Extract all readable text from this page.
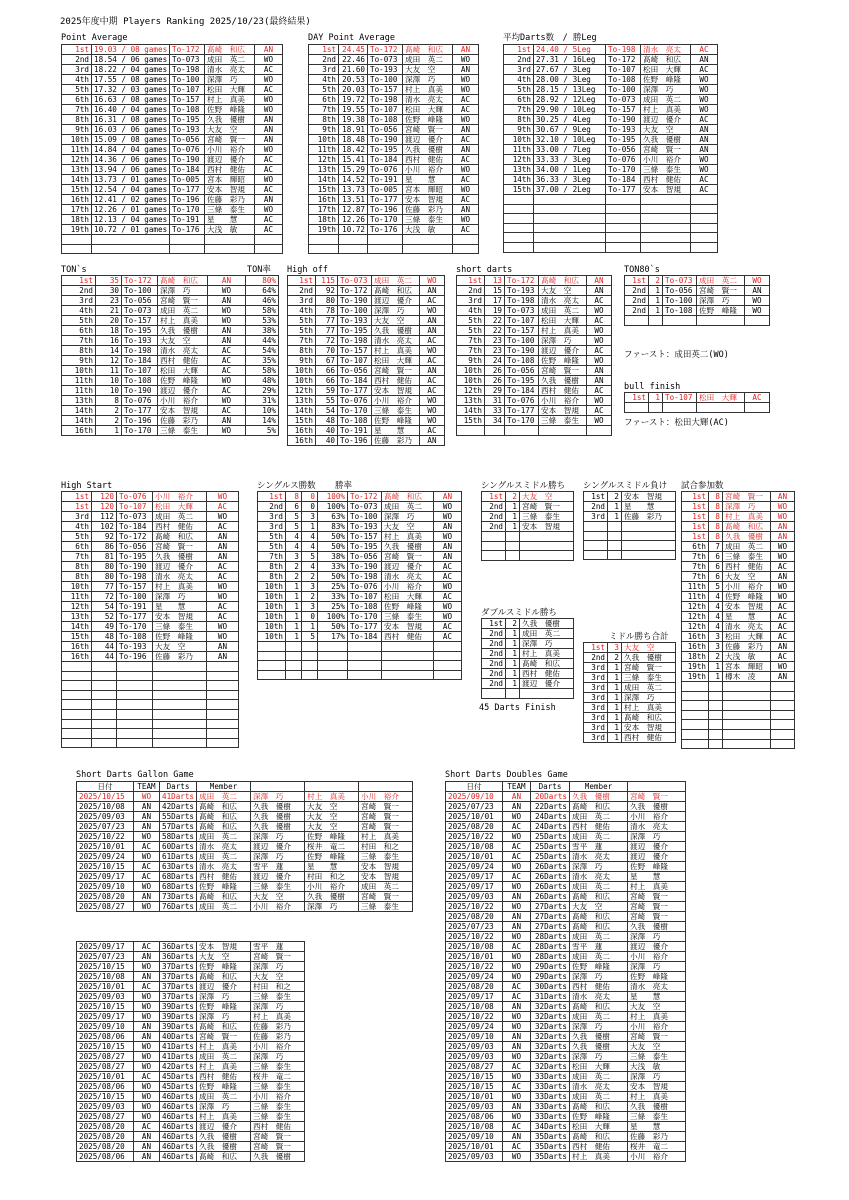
2025年度中期 Players Ranking 2025/10/23(最終結果)
Point Average	DAY Point Average	平均Darts数　/ 勝Leg
TON`s	TON率 High off	short darts	TON80`s
ファースト：成田英二(WO)
bull finish
ファースト：松田大輝(AC)
High Start	シングルス勝数 勝率	シングルスミドル勝ち シングルスミドル負け 試合参加数
ダブルスミドル勝ち
ミドル勝ち合計
45 Darts Finish
Short Darts Gallon Game	Short Darts Doubles Game
1st	19.03 / 08 games	To-172	髙崎　和広	AN
2nd	18.54 / 06 games	To-073	成田　英二	WO
3rd	18.22 / 04 games	To-198	清水　亮太	AC
4th	17.55 / 08 games	To-100	深澤　巧	WO
5th	17.32 / 03 games	To-107	松田　大輝	AC
6th	16.63 / 08 games	To-157	村上　真美	WO
7th	16.40 / 04 games	To-108	佐野　峰隆	WO
8th	16.31 / 08 games	To-195	久我　優樹	AN
9th	16.03 / 06 games	To-193	大友　空	AN
10th	15.09 / 08 games	To-056	宮崎　賢一	AN
11th	14.84 / 04 games	To-076	小川　裕介	WO
12th	14.36 / 06 games	To-190	渡辺　優介	AC
13th	13.94 / 06 games	To-184	西村　健佑	AC
14th	13.73 / 01 games	To-005	宮本　輝昭	WO
15th	12.54 / 04 games	To-177	安本　智規	AC
16th	12.41 / 02 games	To-196	佐藤　彩乃	AN
17th	12.26 / 01 games	To-170	三條　泰生	WO
18th	12.13 / 04 games	To-191	星　　慧	AC
19th	10.72 / 01 games	To-176	大浅　敏	AC

1st	24.45	To-172	髙崎　和広	AN
2nd	22.46	To-073	成田　英二	WO
3rd	21.60	To-193	大友　空	AN
4th	20.53	To-100	深澤　巧	WO
5th	20.03	To-157	村上　真美	WO
6th	19.72	To-198	清水　亮太	AC
7th	19.55	To-107	松田　大輝	AC
8th	19.38	To-108	佐野　峰隆	WO
9th	18.91	To-056	宮崎　賢一	AN
10th	18.48	To-190	渡辺　優介	AC
11th	18.42	To-195	久我　優樹	AN
12th	15.41	To-184	西村　健佑	AC
13th	15.29	To-076	小川　裕介	WO
14th	14.52	To-191	星　　慧	AC
15th	13.73	To-005	宮本　輝昭	WO
16th	13.51	To-177	安本　智規	AC
17th	12.87	To-196	佐藤　彩乃	AN
18th	12.26	To-170	三條　泰生	WO
19th	10.72	To-176	大浅　敏	AC

1st	24.40 / 5Leg	To-198	清水　亮太	AC
2nd	27.31 / 16Leg	To-172	髙崎　和広	AN
3rd	27.67 / 3Leg	To-107	松田　大輝	AC
4th	28.00 / 3Leg	To-108	佐野　峰隆	WO
5th	28.15 / 13Leg	To-100	深澤　巧	WO
6th	28.92 / 12Leg	To-073	成田　英二	WO
7th	29.90 / 10Leg	To-157	村上　真美	WO
8th	30.25 / 4Leg	To-190	渡辺　優介	AC
9th	30.67 / 9Leg	To-193	大友　空	AN
10th	32.10 / 10Leg	To-195	久我　優樹	AN
11th	33.00 / 7Leg	To-056	宮崎　賢一	AN
12th	33.33 / 3Leg	To-076	小川　裕介	WO
13th	34.00 / 1Leg	To-170	三條　泰生	WO
14th	36.33 / 3Leg	To-184	西村　健佑	AC
15th	37.00 / 2Leg	To-177	安本　智規	AC

1st	35	To-172	髙崎　和広	AN	80%
2nd	30	To-100	深澤　巧	WO	64%
3rd	23	To-056	宮崎　賢一	AN	46%
4th	21	To-073	成田　英二	WO	58%
5th	20	To-157	村上　真美	WO	53%
6th	18	To-195	久我　優樹	AN	38%
7th	16	To-193	大友　空	AN	44%
8th	14	To-198	清水　亮太	AC	54%
9th	12	To-184	西村　健佑	AC	35%
10th	11	To-107	松田　大輝	AC	58%
11th	10	To-108	佐野　峰隆	WO	48%
11th	10	To-190	渡辺　優介	AC	29%
13th	8	To-076	小川　裕介	WO	31%
14th	2	To-177	安本　智規	AC	10%
14th	2	To-196	佐藤　彩乃	AN	14%
16th	1	To-170	三條　泰生	WO	5%
1st	115	To-073	成田　英二	WO
2nd	92	To-172	髙崎　和広	AN
3rd	80	To-190	渡辺　優介	AC
4th	78	To-100	深澤　巧	WO
5th	77	To-193	大友　空	AN
5th	77	To-195	久我　優樹	AN
7th	72	To-198	清水　亮太	AC
8th	70	To-157	村上　真美	WO
9th	67	To-107	松田　大輝	AC
10th	66	To-056	宮崎　賢一	AN
10th	66	To-184	西村　健佑	AC
12th	59	To-177	安本　智規	AC
13th	55	To-076	小川　裕介	WO
14th	54	To-170	三條　泰生	WO
15th	48	To-108	佐野　峰隆	WO
16th	40	To-191	星　　慧	AC
16th	40	To-196	佐藤　彩乃	AN
1st	13	To-172	髙崎　和広	AN
2nd	15	To-193	大友　空	AN
3rd	17	To-198	清水　亮太	AC
4th	19	To-073	成田　英二	WO
5th	22	To-107	松田　大輝	AC
5th	22	To-157	村上　真美	WO
7th	23	To-100	深澤　巧	WO
7th	23	To-190	渡辺　優介	AC
9th	24	To-108	佐野　峰隆	WO
10th	26	To-056	宮崎　賢一	AN
10th	26	To-195	久我　優樹	AN
12th	29	To-184	西村　健佑	AC
13th	31	To-076	小川　裕介	WO
14th	33	To-177	安本　智規	AC
15th	34	To-170	三條　泰生	WO

1st	2	To-073	成田　英二	WO
2nd	1	To-056	宮崎　賢一	AN
2nd	1	To-100	深澤　巧	WO
2nd	1	To-108	佐野　峰隆	WO

1st	1	To-107	松田　大輝	AC

1st	120	To-076	小川　裕介	WO
1st	120	To-107	松田　大輝	AC
3rd	112	To-073	成田　英二	WO
4th	102	To-184	西村　健佑	AC
5th	92	To-172	髙崎　和広	AN
6th	86	To-056	宮崎　賢一	AN
7th	81	To-195	久我　優樹	AN
8th	80	To-190	渡辺　優介	AC
8th	80	To-198	清水　亮太	AC
10th	77	To-157	村上　真美	WO
11th	72	To-100	深澤　巧	WO
12th	54	To-191	星　　慧	AC
13th	52	To-177	安本　智規	AC
14th	49	To-170	三條　泰生	WO
15th	48	To-108	佐野　峰隆	WO
16th	44	To-193	大友　空	AN
16th	44	To-196	佐藤　彩乃	AN

1st	8	0	100%	To-172	髙崎　和広	AN
2nd	6	0	100%	To-073	成田　英二	WO
3rd	5	3	63%	To-100	深澤　巧	WO
3rd	5	1	83%	To-193	大友　空	AN
5th	4	4	50%	To-157	村上　真美	WO
5th	4	4	50%	To-195	久我　優樹	AN
7th	3	5	38%	To-056	宮崎　賢一	AN
8th	2	4	33%	To-190	渡辺　優介	AC
8th	2	2	50%	To-198	清水　亮太	AC
10th	1	3	25%	To-076	小川　裕介	WO
10th	1	2	33%	To-107	松田　大輝	AC
10th	1	3	25%	To-108	佐野　峰隆	WO
10th	1	0	100%	To-170	三條　泰生	WO
10th	1	1	50%	To-177	安本　智規	AC
10th	1	5	17%	To-184	西村　健佑	AC

1st	2	大友　空
2nd	1	宮崎　賢一
2nd	1	三條　泰生
2nd	1	安本　智規

1st	2	安本　智規
2nd	1	星　　慧
3rd	1	佐藤　彩乃

1st	8	宮崎　賢一	AN
1st	8	深澤　巧	WO
1st	8	村上　真美	WO
1st	8	髙崎　和広	AN
1st	8	久我　優樹	AN
6th	7	成田　英二	WO
7th	6	三條　泰生	WO
7th	6	西村　健佑	AC
7th	6	大友　空	AN
11th	5	小川　裕介	WO
11th	4	佐野　峰隆	WO
12th	4	安本　智規	AC
12th	4	星　　慧	AC
12th	4	清水　亮太	AC
16th	3	松田　大輝	AC
16th	3	佐藤　彩乃	AN
18th	2	大浅　敏	AC
19th	1	宮本　輝昭	WO
19th	1	樽木　凌	AN

1st	2	久我　優樹
2nd	1	成田　英二
2nd	1	深澤　巧
2nd	1	村上　真美
2nd	1	髙崎　和広
2nd	1	西村　健佑
2nd	1	渡辺　優介

1st	3	大友　空
2nd	2	久我　優樹
3rd	1	宮崎　賢一
3rd	1	三條　泰生
3rd	1	成田　英二
3rd	1	深澤　巧
3rd	1	村上　真美
3rd	1	髙崎　和広
3rd	1	安本　智規
3rd	1	西村　健佑
日付	TEAM	Darts	Member			
2025/10/15	WO	41Darts	成田　英二	深澤　巧	村上　真美	小川　裕介
2025/10/08	AN	42Darts	髙崎　和広	久我　優樹	大友　空	宮崎　賢一
2025/09/03	AN	55Darts	髙崎　和広	久我　優樹	大友　空	宮崎　賢一
2025/07/23	AN	57Darts	髙崎　和広	久我　優樹	大友　空	宮崎　賢一
2025/10/22	WO	58Darts	成田　英二	深澤　巧	佐野　峰隆	村上　真美
2025/10/01	AC	60Darts	清水　亮太	渡辺　優介	桜井　竜二	村田　和之
2025/09/24	WO	61Darts	成田　英二	深澤　巧	佐野　峰隆	三條　泰生
2025/10/15	AC	63Darts	清水　亮太	雪平　蓮	星　　慧	安本　智規
2025/09/17	AC	68Darts	西村　健佑	渡辺　優介	村田　和之	安本　智規
2025/09/10	WO	68Darts	佐野　峰隆	三條　泰生	小川　裕介	成田　英二
2025/08/20	AN	73Darts	髙崎　和広	大友　空	久我　優樹	宮崎　賢一
2025/08/27	WO	76Darts	成田　英二	小川　裕介	深澤　巧	三條　泰生
2025/09/17	AC	36Darts	安本　智規	雪平　蓮
2025/07/23	AN	36Darts	大友　空	宮崎　賢一
2025/10/15	WO	37Darts	佐野　峰隆	深澤　巧
2025/10/08	AN	37Darts	髙崎　和広	大友　空
2025/10/01	AC	37Darts	渡辺　優介	村田　和之
2025/09/03	WO	37Darts	深澤　巧	三條　泰生
2025/10/15	WO	39Darts	佐野　峰隆	深澤　巧
2025/09/17	WO	39Darts	深澤　巧	村上　真美
2025/09/10	AN	39Darts	髙崎　和広	佐藤　彩乃
2025/08/06	AN	40Darts	宮崎　賢一	佐藤　彩乃
2025/10/15	WO	41Darts	村上　真美	小川　裕介
2025/08/27	WO	41Darts	成田　英二	深澤　巧
2025/08/27	WO	42Darts	村上　真美	三條　泰生
2025/10/01	AC	45Darts	西村　健佑	桜井　竜二
2025/08/06	WO	45Darts	佐野　峰隆	三條　泰生
2025/10/15	WO	46Darts	成田　英二	小川　裕介
2025/09/03	WO	46Darts	深澤　巧	三條　泰生
2025/08/27	WO	46Darts	村上　真美	三條　泰生
2025/08/20	AC	46Darts	渡辺　優介	西村　健佑
2025/08/20	AN	46Darts	久我　優樹	宮崎　賢一
2025/08/20	AN	46Darts	久我　優樹	宮崎　賢一
2025/08/06	AN	46Darts	髙崎　和広	久我　優樹
日付	TEAM	Darts	Member	
2025/09/10	AN	20Darts	久我　優樹	宮崎　賢一
2025/07/23	AN	22Darts	髙崎　和広	久我　優樹
2025/10/01	WO	24Darts	成田　英二	小川　裕介
2025/08/20	AC	24Darts	西村　健佑	清水　亮太
2025/10/22	WO	25Darts	成田　英二	深澤　巧
2025/10/08	AC	25Darts	雪平　蓮	渡辺　優介
2025/10/01	AC	25Darts	清水　亮太	渡辺　優介
2025/09/24	WO	26Darts	深澤　巧	佐野　峰隆
2025/09/17	AC	26Darts	清水　亮太	星　　慧
2025/09/17	WO	26Darts	成田　英二	村上　真美
2025/09/03	AN	26Darts	髙崎　和広	宮崎　賢一
2025/10/22	WO	27Darts	大友　空	宮崎　賢一
2025/08/20	AN	27Darts	髙崎　和広	宮崎　賢一
2025/07/23	AN	27Darts	髙崎　和広	久我　優樹
2025/10/22	WO	28Darts	成田　英二	深澤　巧
2025/10/08	AC	28Darts	雪平　蓮	渡辺　優介
2025/10/01	WO	28Darts	成田　英二	小川　裕介
2025/10/22	WO	29Darts	佐野　峰隆	深澤　巧
2025/09/24	WO	29Darts	深澤　巧	佐野　峰隆
2025/08/20	AC	30Darts	西村　健佑	清水　亮太
2025/09/17	AC	31Darts	清水　亮太	星　　慧
2025/10/08	AN	32Darts	髙崎　和広	大友　空
2025/10/22	WO	32Darts	成田　英二	村上　真美
2025/09/24	WO	32Darts	深澤　巧	小川　裕介
2025/09/10	AN	32Darts	久我　優樹	宮崎　賢一
2025/09/03	AN	32Darts	久我　優樹	大友　空
2025/09/03	WO	32Darts	深澤　巧	三條　泰生
2025/08/27	AC	32Darts	松田　大輝	大浅　敏
2025/10/15	WO	33Darts	成田　英二	深澤　巧
2025/10/15	AC	33Darts	清水　亮太	安本　智規
2025/10/01	WO	33Darts	成田　英二	村上　真美
2025/09/03	AN	33Darts	髙崎　和広	久我　優樹
2025/08/06	WO	33Darts	佐野　峰隆	三條　泰生
2025/10/08	AC	34Darts	松田　大輝	星　　慧
2025/09/10	AN	35Darts	髙崎　和広	佐藤　彩乃
2025/10/01	AC	35Darts	西村　健佑	桜井　竜二
2025/09/03	WO	35Darts	村上　真美	小川　裕介
